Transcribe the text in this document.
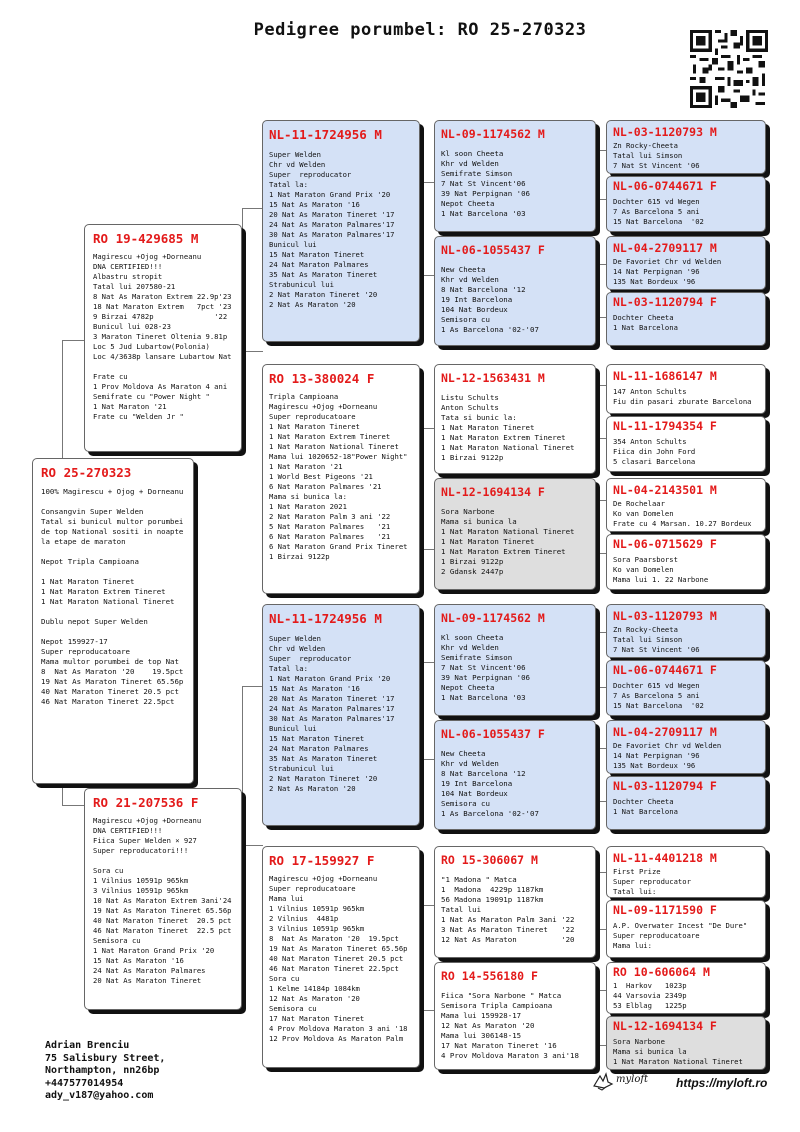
Pedigree porumbel: RO 25-270323
RO 25-270323
100% Magirescu + Ojog + Dorneanu
Consangvin Super Welden
Tatal si bunicul multor porumbei
de top National sositi in noapte
la etape de maraton
Nepot Tripla Campioana
1 Nat Maraton Tineret
1 Nat Maraton Extrem Tineret
1 Nat Maraton National Tineret
Dublu nepot Super Welden
Nepot 159927-17
Super reproducatoare
Mama multor porumbei de top Nat
8  Nat As Maraton '20    19.5pct
19 Nat As Maraton Tineret 65.56p
40 Nat Maraton Tineret 20.5 pct
46 Nat Maraton Tineret 22.5pct
RO 19-429685 M
Magirescu +Ojog +Dorneanu
DNA CERTIFIED!!!
Albastru stropit
Tatal lui 207580-21
8 Nat As Maraton Extrem 22.9p'23
18 Nat Maraton Extrem   7pct '23
9 Birzai 4782p              '22
Bunicul lui 028-23
3 Maraton Tineret Oltenia 9.81p
Loc 5 Jud Lubartow(Polonia)
Loc 4/3638p lansare Lubartow Nat
Frate cu
1 Prov Moldova As Maraton 4 ani
Semifrate cu "Power Night "
1 Nat Maraton '21
Frate cu "Welden Jr "
RO 21-207536 F
Magirescu +Ojog +Dorneanu
DNA CERTIFIED!!!
Fiica Super Welden × 927
Super reproducatori!!!
Sora cu
1 Vilnius 10591p 965km
3 Vilnius 10591p 965km
10 Nat As Maraton Extrem 3ani'24
19 Nat As Maraton Tineret 65.56p
40 Nat Maraton Tineret  20.5 pct
46 Nat Maraton Tineret  22.5 pct
Semisora cu
1 Nat Maraton Grand Prix '20
15 Nat As Maraton '16
24 Nat As Maraton Palmares
20 Nat As Maraton Tineret
NL-11-1724956 M
Super Welden
Chr vd Welden
Super  reproducator
Tatal la:
1 Nat Maraton Grand Prix '20
15 Nat As Maraton '16
20 Nat As Maraton Tineret '17
24 Nat As Maraton Palmares'17
30 Nat As Maraton Palmares'17
Bunicul lui
15 Nat Maraton Tineret
24 Nat Maraton Palmares
35 Nat As Maraton Tineret
Strabunicul lui
2 Nat Maraton Tineret '20
2 Nat As Maraton '20
RO 13-380024 F
Tripla Campioana
Magirescu +Ojog +Dorneanu
Super reproducatoare
1 Nat Maraton Tineret
1 Nat Maraton Extrem Tineret
1 Nat Maraton National Tineret
Mama lui 1020652-18"Power Night"
1 Nat Maraton '21
1 World Best Pigeons '21
6 Nat Maraton Palmares '21
Mama si bunica la:
1 Nat Maraton 2021
2 Nat Maraton Palm 3 ani '22
5 Nat Maraton Palmares   '21
6 Nat Maraton Palmares   '21
6 Nat Maraton Grand Prix Tineret
1 Birzai 9122p
NL-11-1724956 M
Super Welden
Chr vd Welden
Super  reproducator
Tatal la:
1 Nat Maraton Grand Prix '20
15 Nat As Maraton '16
20 Nat As Maraton Tineret '17
24 Nat As Maraton Palmares'17
30 Nat As Maraton Palmares'17
Bunicul lui
15 Nat Maraton Tineret
24 Nat Maraton Palmares
35 Nat As Maraton Tineret
Strabunicul lui
2 Nat Maraton Tineret '20
2 Nat As Maraton '20
RO 17-159927 F
Magirescu +Ojog +Dorneanu
Super reproducatoare
Mama lui
1 Vilnius 10591p 965km
2 Vilnius  4481p
3 Vilnius 10591p 965km
8  Nat As Maraton '20  19.5pct
19 Nat As Maraton Tineret 65.56p
40 Nat Maraton Tineret 20.5 pct
46 Nat Maraton Tineret 22.5pct
Sora cu
1 Kelme 14184p 1084km
12 Nat As Maraton '20
Semisora cu
17 Nat Maraton Tineret
4 Prov Moldova Maraton 3 ani '18
12 Prov Moldova As Maraton Palm
NL-09-1174562 M
Kl soon Cheeta
Khr vd Welden
Semifrate Simson
7 Nat St Vincent'06
39 Nat Perpignan '06
Nepot Cheeta
1 Nat Barcelona '03
NL-06-1055437 F
New Cheeta
Khr vd Welden
8 Nat Barcelona '12
19 Int Barcelona
104 Nat Bordeux
Semisora cu
1 As Barcelona '02-'07
NL-12-1563431 M
Listu Schults
Anton Schults
Tata si bunic la:
1 Nat Maraton Tineret
1 Nat Maraton Extrem Tineret
1 Nat Maraton National Tineret
1 Birzai 9122p
NL-12-1694134 F
Sora Narbone
Mama si bunica la
1 Nat Maraton National Tineret
1 Nat Maraton Tineret
1 Nat Maraton Extrem Tineret
1 Birzai 9122p
2 Gdansk 2447p
NL-09-1174562 M
Kl soon Cheeta
Khr vd Welden
Semifrate Simson
7 Nat St Vincent'06
39 Nat Perpignan '06
Nepot Cheeta
1 Nat Barcelona '03
NL-06-1055437 F
New Cheeta
Khr vd Welden
8 Nat Barcelona '12
19 Int Barcelona
104 Nat Bordeux
Semisora cu
1 As Barcelona '02-'07
RO 15-306067 M
"1 Madona " Matca
1  Madona  4229p 1187km
56 Madona 19091p 1187km
Tatal lui
1 Nat As Maraton Palm 3ani '22
3 Nat As Maraton Tineret   '22
12 Nat As Maraton          '20
RO 14-556180 F
Fiica "Sora Narbone " Matca
Semisora Tripla Campioana
Mama lui 159928-17
12 Nat As Maraton '20
Mama lui 306148-15
17 Nat Maraton Tineret '16
4 Prov Moldova Maraton 3 ani'18
NL-03-1120793 M
Zn Rocky-Cheeta
Tatal lui Simson
7 Nat St Vincent '06
NL-06-0744671 F
Dochter 615 vd Wegen
7 As Barcelona 5 ani
15 Nat Barcelona  '02
NL-04-2709117 M
De Favoriet Chr vd Welden
14 Nat Perpignan '96
135 Nat Bordeux '96
NL-03-1120794 F
Dochter Cheeta
1 Nat Barcelona
NL-11-1686147 M
147 Anton Schults
Fiu din pasari zburate Barcelona
NL-11-1794354 F
354 Anton Schults
Fiica din John Ford
5 clasari Barcelona
NL-04-2143501 M
De Rochelaar
Ko van Domelen
Frate cu 4 Marsan. 10.27 Bordeux
NL-06-0715629 F
Sora Paarsborst
Ko van Domelen
Mama lui 1. 22 Narbone
NL-03-1120793 M
Zn Rocky-Cheeta
Tatal lui Simson
7 Nat St Vincent '06
NL-06-0744671 F
Dochter 615 vd Wegen
7 As Barcelona 5 ani
15 Nat Barcelona  '02
NL-04-2709117 M
De Favoriet Chr vd Welden
14 Nat Perpignan '96
135 Nat Bordeux '96
NL-03-1120794 F
Dochter Cheeta
1 Nat Barcelona
NL-11-4401218 M
First Prize
Super reproducator
Tatal lui:
NL-09-1171590 F
A.P. Overwater Incest "De Dure"
Super reproducatoare
Mama lui:
RO 10-606064 M
1  Harkov   1023p
44 Varsovia 2349p
53 Elblag   1225p
NL-12-1694134 F
Sora Narbone
Mama si bunica la
1 Nat Maraton National Tineret
Adrian Brenciu
75 Salisbury Street,
Northampton, nn26bp
+447577014954
ady_v187@yahoo.com
myloft https://myloft.ro
